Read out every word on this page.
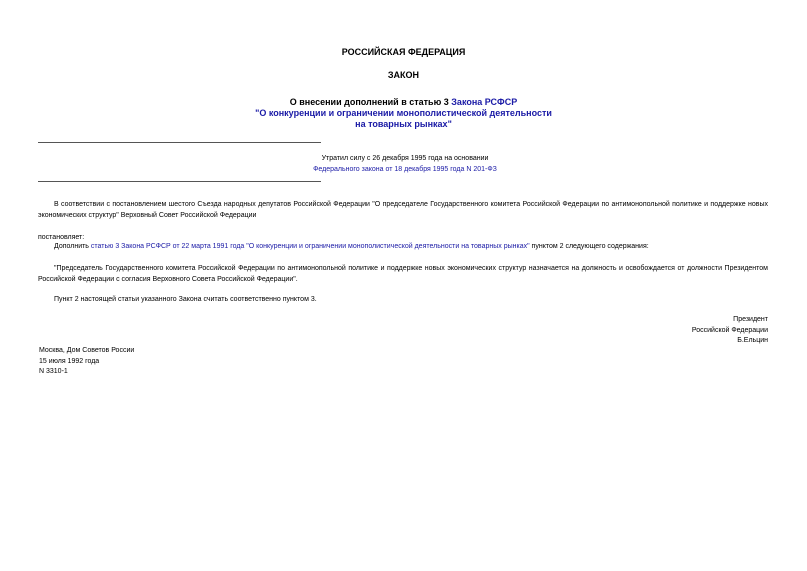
РОССИЙСКАЯ ФЕДЕРАЦИЯ
ЗАКОН
О внесении дополнений в статью 3 Закона РСФСР
"О конкуренции и ограничении монополистической деятельности
на товарных рынках"
Утратил силу с 26 декабря 1995 года на основании
Федерального закона от 18 декабря 1995 года N 201-ФЗ
В соответствии с постановлением шестого Съезда народных депутатов Российской Федерации "О председателе Государственного комитета Российской Федерации по антимонопольной политике и поддержке новых экономических структур" Верховный Совет Российской Федерации
постановляет:
Дополнить статью 3 Закона РСФСР от 22 марта 1991 года "О конкуренции и ограничении монополистической деятельности на товарных рынках" пунктом 2 следующего содержания:
"Председатель Государственного комитета Российской Федерации по антимонопольной политике и поддержке новых экономических структур назначается на должность и освобождается от должности Президентом Российской Федерации с согласия Верховного Совета Российской Федерации".
Пункт 2 настоящей статьи указанного Закона считать соответственно пунктом 3.
Президент
Российской Федерации
Б.Ельцин
Москва, Дом Советов России
15 июля 1992 года
N 3310-1
